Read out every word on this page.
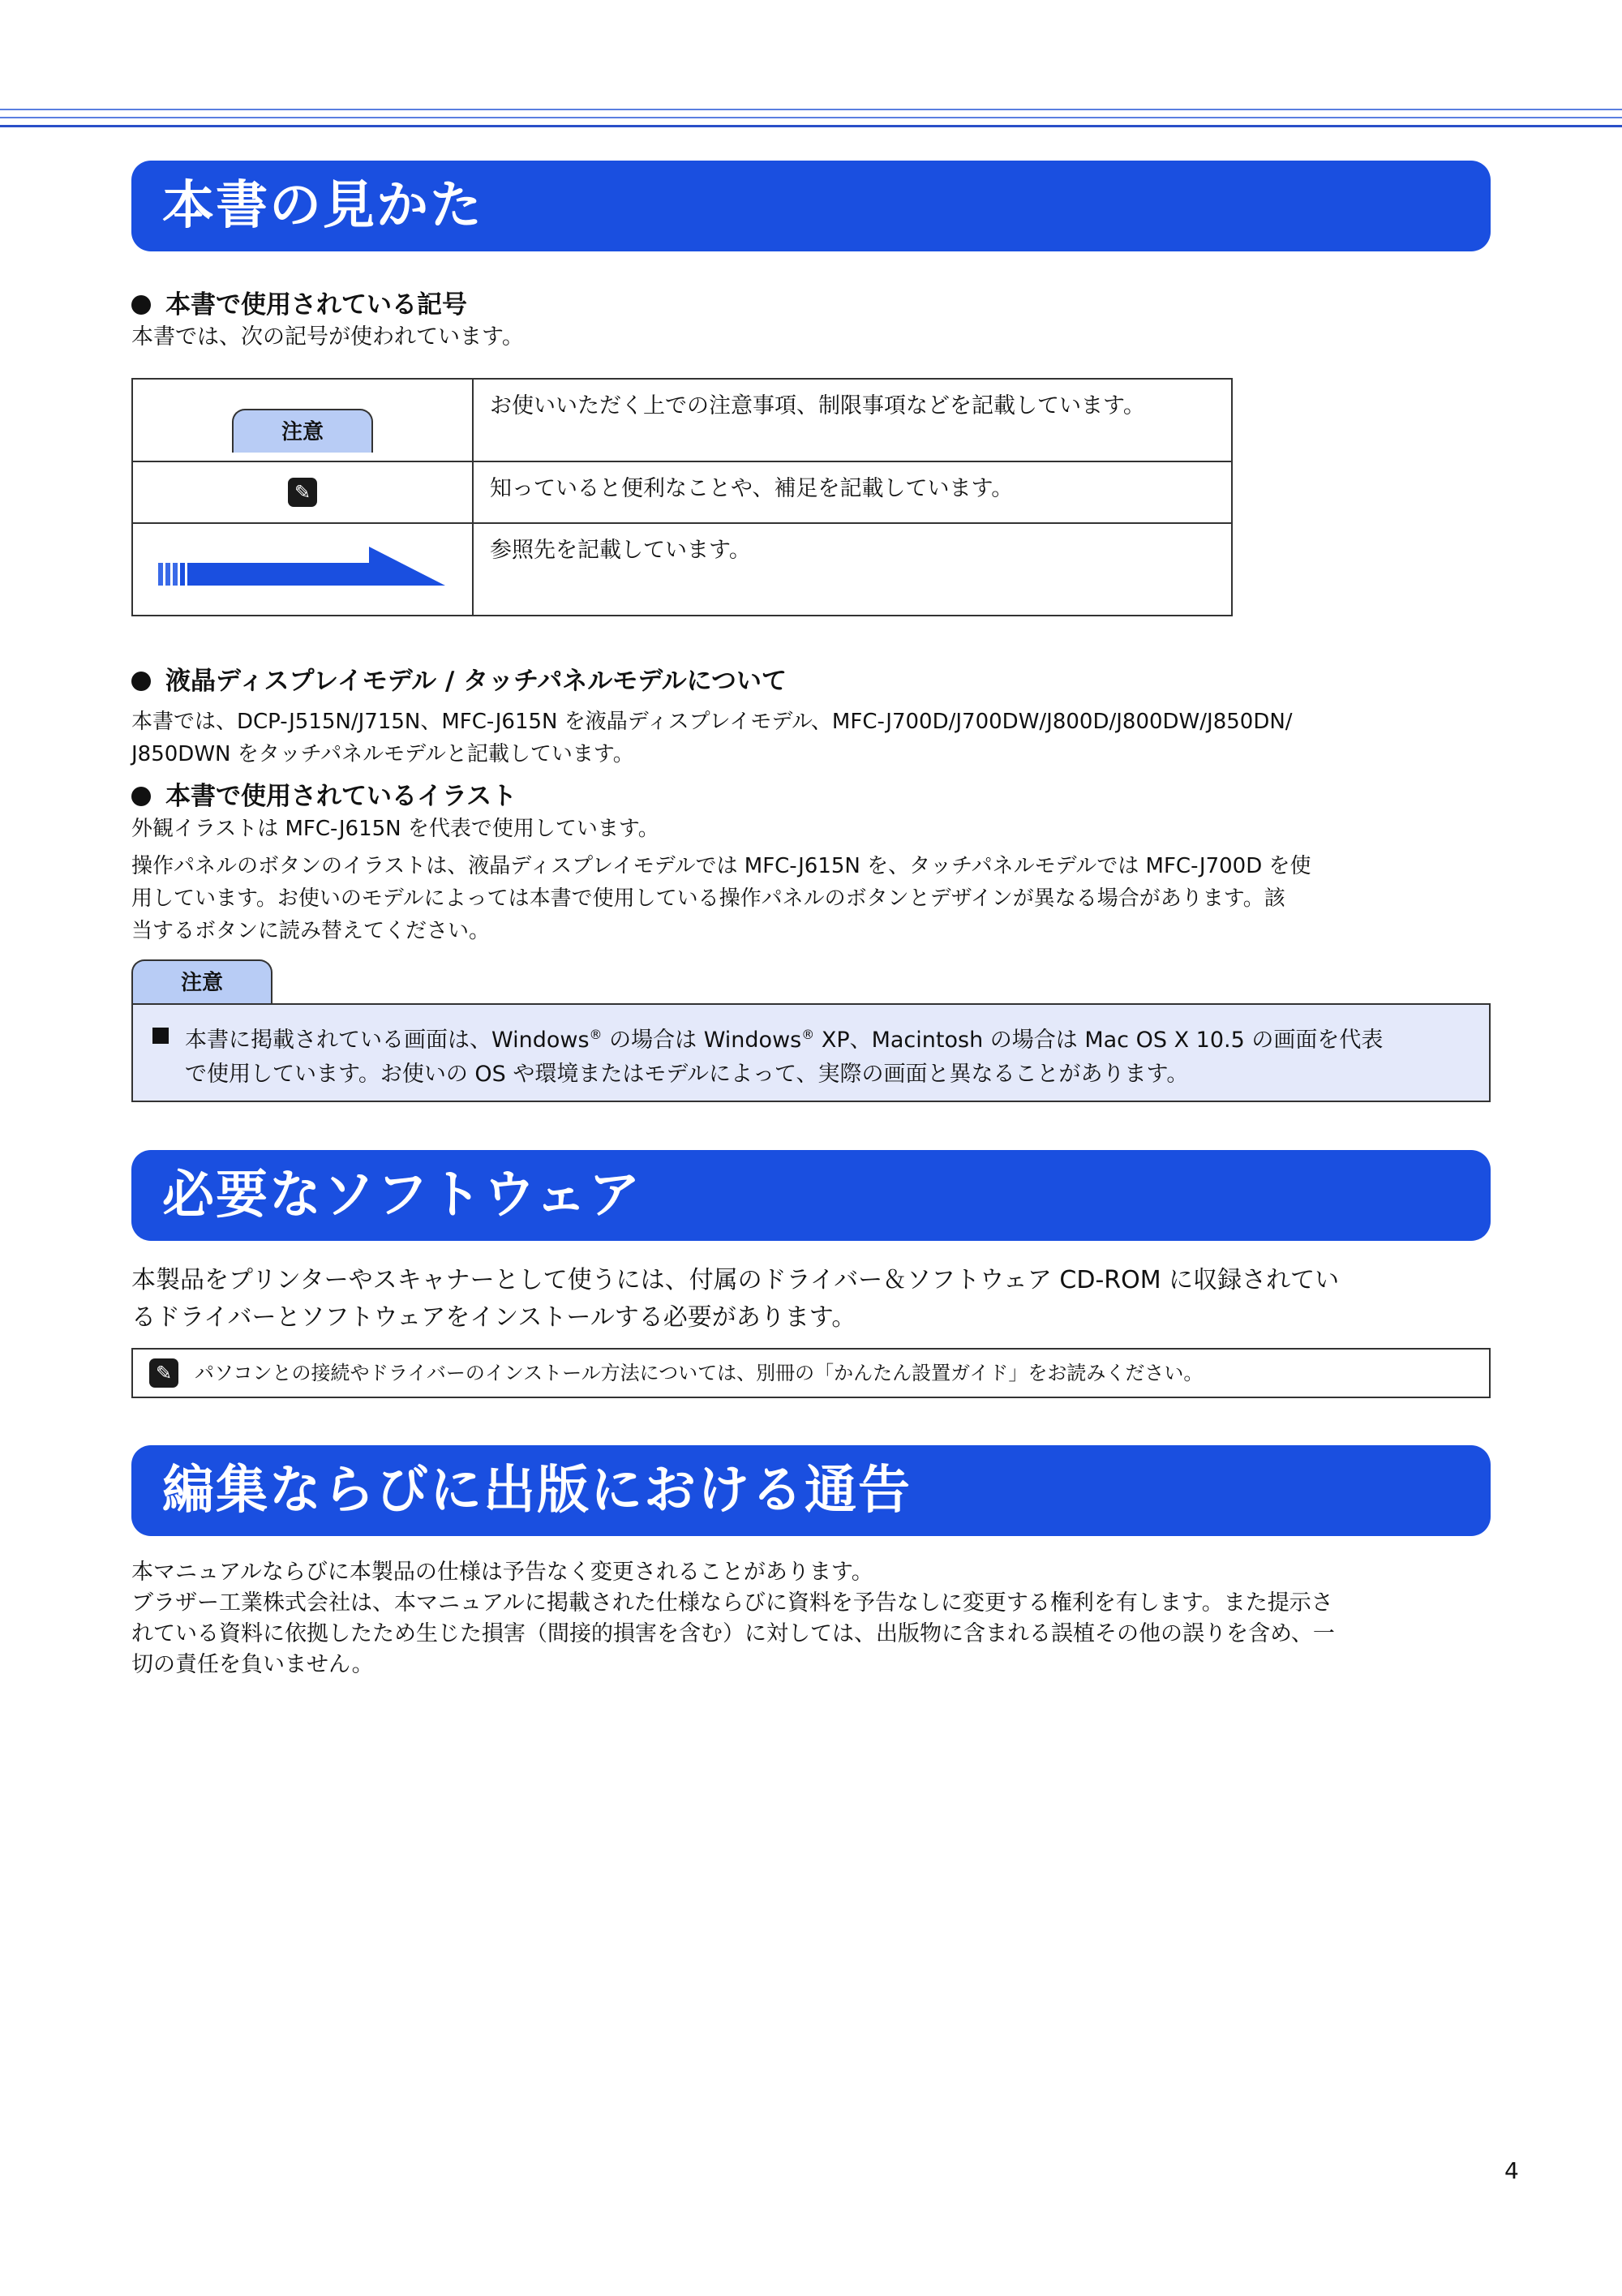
本書の見かた
本書で使用されている記号
本書では、次の記号が使われています。
注意	お使いいただく上での注意事項、制限事項などを記載しています。
✎	知っていると便利なことや、補足を記載しています。
	参照先を記載しています。
液晶ディスプレイモデル / タッチパネルモデルについて
本書では、DCP-J515N/J715N、MFC-J615N を液晶ディスプレイモデル、MFC-J700D/J700DW/J800D/J800DW/J850DN/
J850DWN をタッチパネルモデルと記載しています。
本書で使用されているイラスト
外観イラストは MFC-J615N を代表で使用しています。
操作パネルのボタンのイラストは、液晶ディスプレイモデルでは MFC-J615N を、タッチパネルモデルでは MFC-J700D を使
用しています。お使いのモデルによっては本書で使用している操作パネルのボタンとデザインが異なる場合があります。該
当するボタンに読み替えてください。
注意
本書に掲載されている画面は、Windows® の場合は Windows® XP、Macintosh の場合は Mac OS X 10.5 の画面を代表
で使用しています。お使いの OS や環境またはモデルによって、実際の画面と異なることがあります。
必要なソフトウェア
本製品をプリンターやスキャナーとして使うには、付属のドライバー＆ソフトウェア CD-ROM に収録されてい
るドライバーとソフトウェアをインストールする必要があります。
✎	パソコンとの接続やドライバーのインストール方法については、別冊の「かんたん設置ガイド」をお読みください。
編集ならびに出版における通告
本マニュアルならびに本製品の仕様は予告なく変更されることがあります。
ブラザー工業株式会社は、本マニュアルに掲載された仕様ならびに資料を予告なしに変更する権利を有します。また提示さ
れている資料に依拠したため生じた損害（間接的損害を含む）に対しては、出版物に含まれる誤植その他の誤りを含め、一
切の責任を負いません。
4
